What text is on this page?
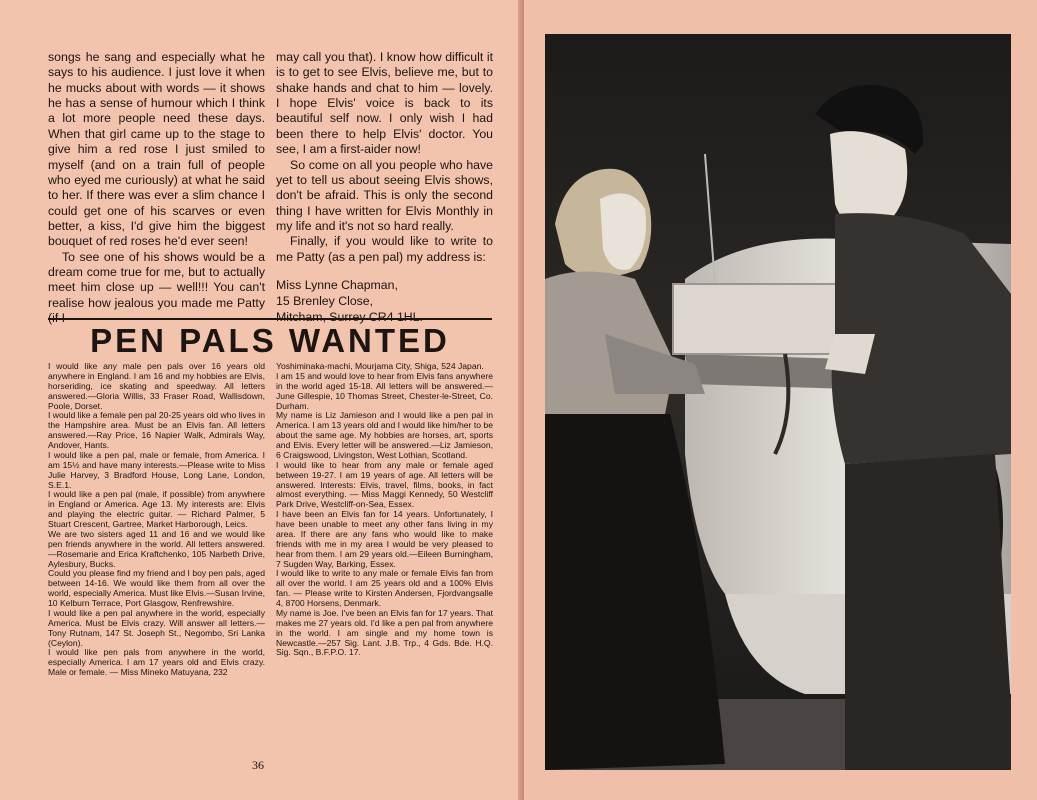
songs he sang and especially what he says to his audience. I just love it when he mucks about with words — it shows he has a sense of humour which I think a lot more people need these days. When that girl came up to the stage to give him a red rose I just smiled to myself (and on a train full of people who eyed me curiously) at what he said to her. If there was ever a slim chance I could get one of his scarves or even better, a kiss, I'd give him the biggest bouquet of red roses he'd ever seen!

To see one of his shows would be a dream come true for me, but to actually meet him close up — well!!! You can't realise how jealous you made me Patty

may call you that). I know how difficult it is to get to see Elvis, believe me, but to shake hands and chat to him — lovely. I hope Elvis' voice is back to its beautiful self now. I only wish I had been there to help Elvis' doctor. You see, I am a first-aider now!

So come on all you people who have yet to tell us about seeing Elvis shows, don't be afraid. This is only the second thing I have written for Elvis Monthly in my life and it's not so hard really.

Finally, if you would like to write to me Patty (as a pen pal) my address is:

Miss Lynne Chapman,
15 Brenley Close,

PEN PALS WANTED

I would like any male pen pals over 16 years old anywhere in England. I am 16 and my hobbies are Elvis, horseriding, ice skating and speedway. All letters answered.—Gloria Willis, 33 Fraser Road, Wallisdown, Poole, Dorset.

I would like a female pen pal 20-25 years old who lives in the Hampshire area. Must be an Elvis fan. All letters answered.—Ray Price, 16 Napier Walk, Admirals Way, Andover, Hants.

I would like a pen pal, male or female, from America. I am 15½ and have many interests.—Please write to Miss Julie Harvey, 3 Bradford House, Long Lane, London, S.E.1.

I would like a pen pal (male, if possible) from anywhere in England or America. Age 13. My interests are: Elvis and playing the electric guitar. — Richard Palmer, 5 Stuart Crescent, Gartree, Market Harborough, Leics.

We are two sisters aged 11 and 16 and we would like pen friends anywhere in the world. All letters answered.—Rosemarie and Erica Kraftchenko, 105 Narbeth Drive, Aylesbury, Bucks.

Could you please find my friend and I boy pen pals, aged between 14-16. We would like them from all over the world, especially America. Must like Elvis.—Susan Irvine, 10 Kelburn Terrace, Port Glasgow, Renfrewshire.

I would like a pen pal anywhere in the world, especially America. Must be Elvis crazy. Will answer all letters.—Tony Rutnam, 147 St. Joseph St., Negombo, Sri Lanka (Ceylon).

I would like pen pals from anywhere in the world, especially America. I am 17 years old and Elvis crazy. Male or female. — Miss Mineko Matuyana, 232

Yoshiminaka-machi, Mourjama City, Shiga, 524 Japan.

I am 15 and would love to hear from Elvis fans anywhere in the world aged 15-18. All letters will be answered.—June Gillespie, 10 Thomas Street, Chester-le-Street, Co. Durham.

My name is Liz Jamieson and I would like a pen pal in America. I am 13 years old and I would like him/her to be about the same age. My hobbies are horses, art, sports and Elvis. Every letter will be answered.—Liz Jamieson, 6 Craigswood, Livingston, West Lothian, Scotland.

I would like to hear from any male or female aged between 19-27. I am 19 years of age. All letters will be answered. Interests: Elvis, travel, films, books, in fact almost everything. — Miss Maggi Kennedy, 50 Westcliff Park Drive, Westcliff-on-Sea, Essex.

I have been an Elvis fan for 14 years. Unfortunately, I have been unable to meet any other fans living in my area. If there are any fans who would like to make friends with me in my area I would be very pleased to hear from them. I am 29 years old.—Eileen Burningham, 7 Sugden Way, Barking, Essex.

I would like to write to any male or female Elvis fan from all over the world. I am 25 years old and a 100% Elvis fan. — Please write to Kirsten Andersen, Fjordvangsalle 4, 8700 Horsens, Denmark.

My name is Joe. I've been an Elvis fan for 17 years. That makes me 27 years old. I'd like a pen pal from anywhere in the world. I am single and my home town is Newcastle.—257 Sig. Lant. J.B. Trp., 4 Gds. Bde. H.Q. Sig. Sqn., B.F.P.O. 17.

36
